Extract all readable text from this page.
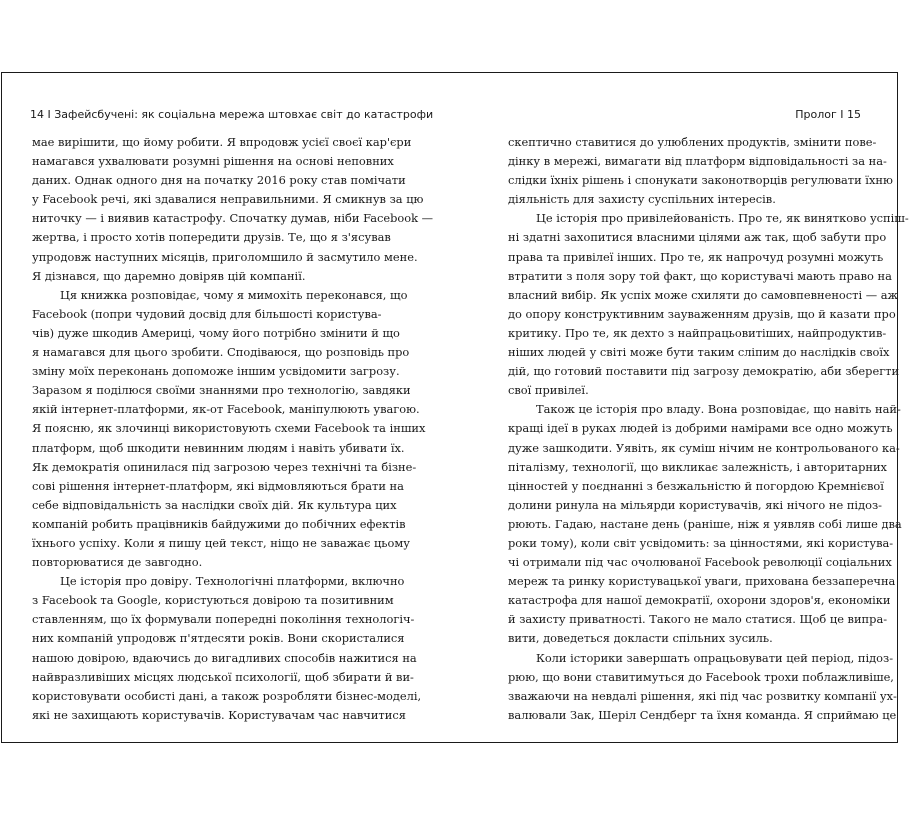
14 I Зафейсбучені: як соціальна мережа штовхає світ до катастрофи	Пролог I 15
мае вирішити, що йому робити. Я впродовж усієї своєї кар'єри
намагався ухвалювати розумні рішення на основі неповних
даних. Однак одного дня на початку 2016 року став помічати
у Facebook речі, які здавалися неправильними. Я смикнув за цю
ниточку — і виявив катастрофу. Спочатку думав, ніби Facebook —
жертва, і просто хотів попередити друзів. Те, що я з'ясував
упродовж наступних місяців, приголомшило й засмутило мене.
Я дізнався, що даремно довіряв цій компанії.
Ця книжка розповідає, чому я мимохіть переконався, що
Facebook (попри чудовий досвід для більшості користува-
чів) дуже шкодив Америці, чому його потрібно змінити й що
я намагався для цього зробити. Сподіваюся, що розповідь про
зміну моїх переконань допоможе іншим усвідомити загрозу.
Заразом я поділюся своїми знаннями про технологію, завдяки
якій інтернет-платформи, як-от Facebook, маніпулюють увагою.
Я поясню, як злочинці використовують схеми Facebook та інших
платформ, щоб шкодити невинним людям і навіть убивати їх.
Як демократія опинилася під загрозою через технічні та бізне-
сові рішення інтернет-платформ, які відмовляються брати на
себе відповідальність за наслідки своїх дій. Як культура цих
компаній робить працівників байдужими до побічних ефектів
їхнього успіху. Коли я пишу цей текст, ніщо не заважає цьому
повторюватися де завгодно.
Це історія про довіру. Технологічні платформи, включно
з Facebook та Google, користуються довірою та позитивним
ставленням, що їх формували попередні покоління технологіч-
них компаній упродовж п'ятдесяти років. Вони скористалися
нашою довірою, вдаючись до вигадливих способів нажитися на
найвразливіших місцях людської психології, щоб збирати й ви-
користовувати особисті дані, а також розробляти бізнес-моделі,
які не захищають користувачів. Користувачам час навчитися
скептично ставитися до улюблених продуктів, змінити пове-
дінку в мережі, вимагати від платформ відповідальності за на-
слідки їхніх рішень і спонукати законотворців регулювати їхню
діяльність для захисту суспільних інтересів.
Це історія про привілейованість. Про те, як винятково успіш-
ні здатні захопитися власними цілями аж так, щоб забути про
права та привілеї інших. Про те, як напрочуд розумні можуть
втратити з поля зору той факт, що користувачі мають право на
власний вибір. Як успіх може схиляти до самовпевненості — аж
до опору конструктивним зауваженням друзів, що й казати про
критику. Про те, як дехто з найпрацьовитіших, найпродуктив-
ніших людей у світі може бути таким сліпим до наслідків своїх
дій, що готовий поставити під загрозу демократію, аби зберегти
свої привілеї.
Також це історія про владу. Вона розповідає, що навіть най-
кращі ідеї в руках людей із добрими намірами все одно можуть
дуже зашкодити. Уявіть, як суміш нічим не контрольованого ка-
піталізму, технології, що викликає залежність, і авторитарних
цінностей у поєднанні з безжальністю й погордою Кремнієвої
долини ринула на мільярди користувачів, які нічого не підоз-
рюють. Гадаю, настане день (раніше, ніж я уявляв собі лише два
роки тому), коли світ усвідомить: за цінностями, які користува-
чі отримали під час очолюваної Facebook революції соціальних
мереж та ринку користувацької уваги, прихована беззаперечна
катастрофа для нашої демократії, охорони здоров'я, економіки
й захисту приватності. Такого не мало статися. Щоб це випра-
вити, доведеться докласти спільних зусиль.
Коли історики завершать опрацьовувати цей період, підоз-
рюю, що вони ставитимуться до Facebook трохи поблажливіше,
зважаючи на невдалі рішення, які під час розвитку компанії ух-
валювали Зак, Шеріл Сендберг та їхня команда. Я сприймаю це
